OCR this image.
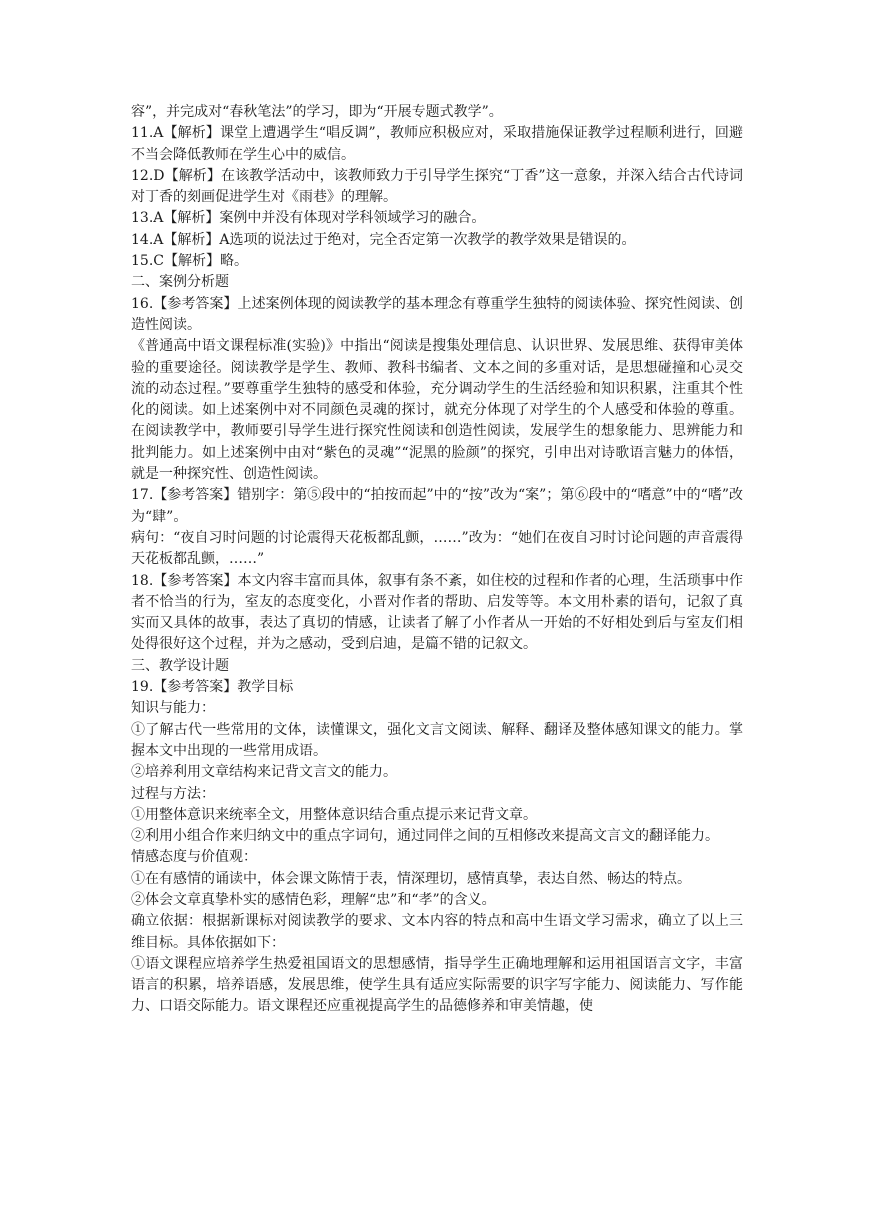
容”，并完成对“春秋笔法”的学习，即为“开展专题式教学”。

11.A【解析】课堂上遭遇学生“唱反调”，教师应积极应对，采取措施保证教学过程顺利进行，回避不当会降低教师在学生心中的威信。

12.D【解析】在该教学活动中，该教师致力于引导学生探究“丁香”这一意象，并深入结合古代诗词对丁香的刻画促进学生对《雨巷》的理解。

13.A【解析】案例中并没有体现对学科领域学习的融合。

14.A【解析】A选项的说法过于绝对，完全否定第一次教学的教学效果是错误的。

15.C【解析】略。

二、案例分析题

16.【参考答案】上述案例体现的阅读教学的基本理念有尊重学生独特的阅读体验、探究性阅读、创造性阅读。

《普通高中语文课程标准(实验)》中指出“阅读是搜集处理信息、认识世界、发展思维、获得审美体验的重要途径。阅读教学是学生、教师、教科书编者、文本之间的多重对话，是思想碰撞和心灵交流的动态过程。”要尊重学生独特的感受和体验，充分调动学生的生活经验和知识积累，注重其个性化的阅读。如上述案例中对不同颜色灵魂的探讨，就充分体现了对学生的个人感受和体验的尊重。在阅读教学中，教师要引导学生进行探究性阅读和创造性阅读，发展学生的想象能力、思辨能力和批判能力。如上述案例中由对“紫色的灵魂”“泥黑的脸颜”的探究，引申出对诗歌语言魅力的体悟，就是一种探究性、创造性阅读。

17.【参考答案】错别字：第⑤段中的“拍按而起”中的“按”改为“案”；第⑥段中的“嗜意”中的“嗜”改为“肆”。

病句：“夜自习时问题的讨论震得天花板都乱颤，……”改为：“她们在夜自习时讨论问题的声音震得天花板都乱颤，……”

18.【参考答案】本文内容丰富而具体，叙事有条不紊，如住校的过程和作者的心理，生活琐事中作者不恰当的行为，室友的态度变化，小晋对作者的帮助、启发等等。本文用朴素的语句，记叙了真实而又具体的故事，表达了真切的情感，让读者了解了小作者从一开始的不好相处到后与室友们相处得很好这个过程，并为之感动，受到启迪，是篇不错的记叙文。

三、教学设计题

19.【参考答案】教学目标

知识与能力：

①了解古代一些常用的文体，读懂课文，强化文言文阅读、解释、翻译及整体感知课文的能力。掌握本文中出现的一些常用成语。

②培养利用文章结构来记背文言文的能力。

过程与方法：

①用整体意识来统率全文，用整体意识结合重点提示来记背文章。

②利用小组合作来归纳文中的重点字词句，通过同伴之间的互相修改来提高文言文的翻译能力。

情感态度与价值观：

①在有感情的诵读中，体会课文陈情于表，情深理切，感情真挚，表达自然、畅达的特点。

②体会文章真挚朴实的感情色彩，理解“忠”和“孝”的含义。

确立依据：根据新课标对阅读教学的要求、文本内容的特点和高中生语文学习需求，确立了以上三维目标。具体依据如下：

①语文课程应培养学生热爱祖国语文的思想感情，指导学生正确地理解和运用祖国语言文字，丰富语言的积累，培养语感，发展思维，使学生具有适应实际需要的识字写字能力、阅读能力、写作能力、口语交际能力。语文课程还应重视提高学生的品德修养和审美情趣，使
